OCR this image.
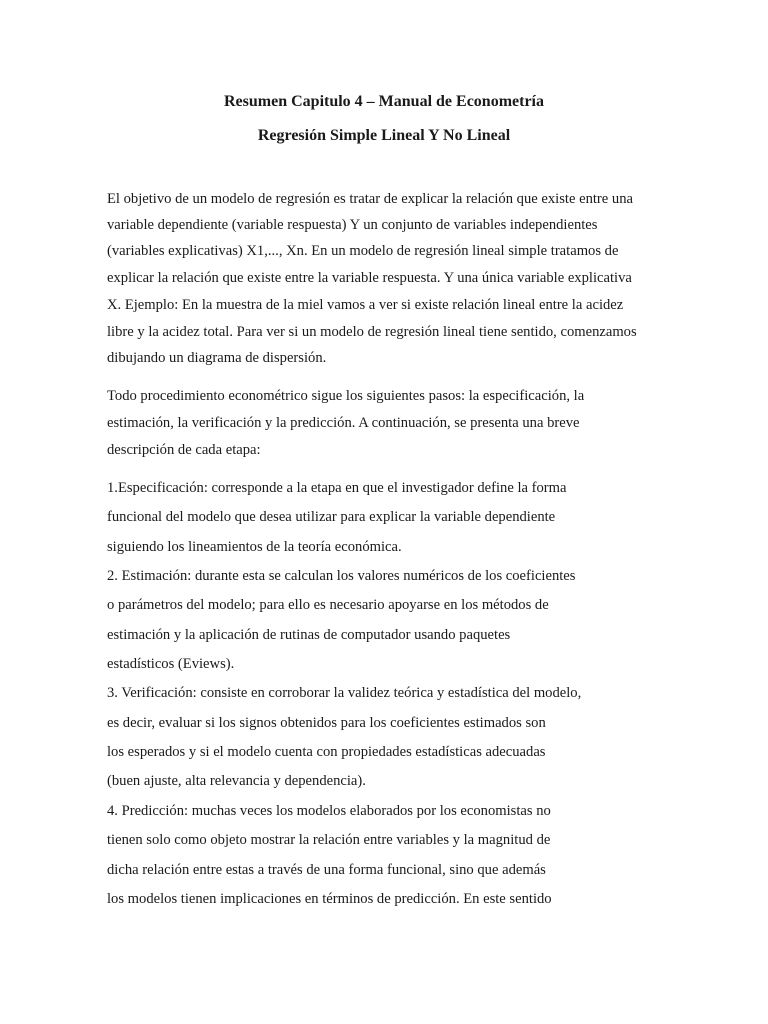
Resumen Capitulo 4 – Manual de Econometría
Regresión Simple Lineal Y No Lineal
El objetivo de un modelo de regresión es tratar de explicar la relación que existe entre una
variable dependiente (variable respuesta) Y un conjunto de variables independientes
(variables explicativas) X1,..., Xn. En un modelo de regresión lineal simple tratamos de
explicar la relación que existe entre la variable respuesta. Y una única variable explicativa
X. Ejemplo: En la muestra de la miel vamos a ver si existe relación lineal entre la acidez
libre y la acidez total. Para ver si un modelo de regresión lineal tiene sentido, comenzamos
dibujando un diagrama de dispersión.
Todo procedimiento econométrico sigue los siguientes pasos: la especificación, la
estimación, la verificación y la predicción. A continuación, se presenta una breve
descripción de cada etapa:
1.Especificación: corresponde a la etapa en que el investigador define la forma
funcional del modelo que desea utilizar para explicar la variable dependiente
siguiendo los lineamientos de la teoría económica.
2. Estimación: durante esta se calculan los valores numéricos de los coeficientes
o parámetros del modelo; para ello es necesario apoyarse en los métodos de
estimación y la aplicación de rutinas de computador usando paquetes
estadísticos (Eviews).
3. Verificación: consiste en corroborar la validez teórica y estadística del modelo,
es decir, evaluar si los signos obtenidos para los coeficientes estimados son
los esperados y si el modelo cuenta con propiedades estadísticas adecuadas
(buen ajuste, alta relevancia y dependencia).
4. Predicción: muchas veces los modelos elaborados por los economistas no
tienen solo como objeto mostrar la relación entre variables y la magnitud de
dicha relación entre estas a través de una forma funcional, sino que además
los modelos tienen implicaciones en términos de predicción. En este sentido
